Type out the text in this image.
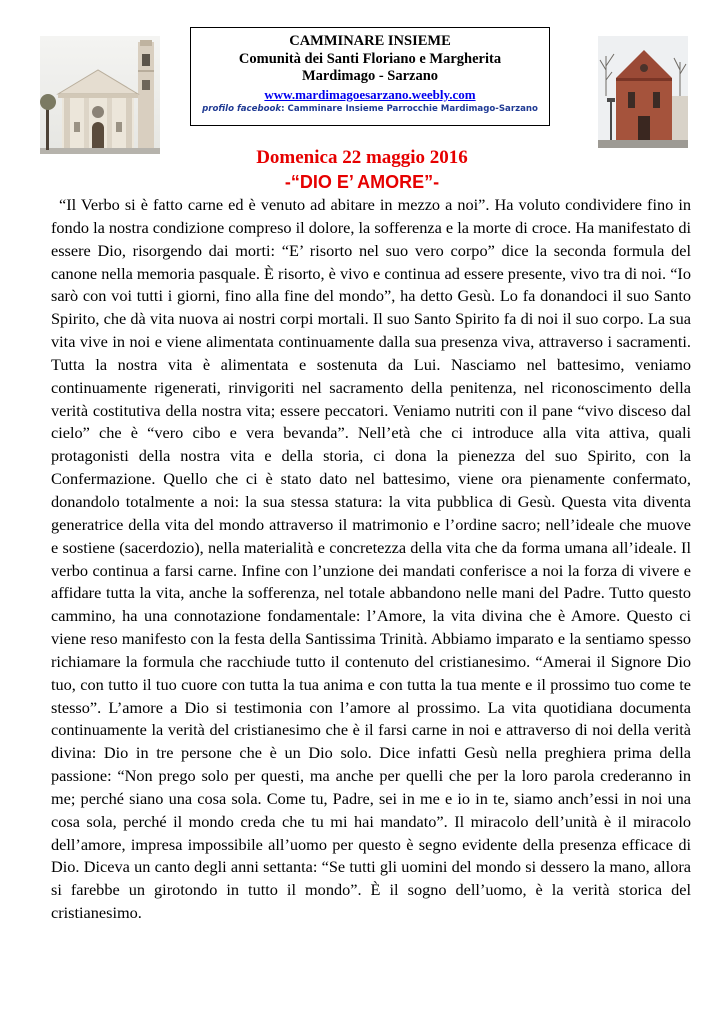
CAMMINARE INSIEME
Comunità dei Santi Floriano e Margherita
Mardimago - Sarzano
www.mardimagoesarzano.weebly.com
profilo facebook: Camminare Insieme Parrocchie Mardimago-Sarzano
Domenica 22 maggio 2016
-“DIO E’ AMORE”-

“Il Verbo si è fatto carne ed è venuto ad abitare in mezzo a noi”. Ha voluto condividere fino in fondo la nostra condizione compreso il dolore, la sofferenza e la morte di croce. Ha manifestato di essere Dio, risorgendo dai morti: “E’ risorto nel suo vero corpo” dice la seconda formula del canone nella memoria pasquale. È risorto, è vivo e continua ad essere presente, vivo tra di noi. “Io sarò con voi tutti i giorni, fino alla fine del mondo”, ha detto Gesù. Lo fa donandoci il suo Santo Spirito, che dà vita nuova ai nostri corpi mortali. Il suo Santo Spirito fa di noi il suo corpo. La sua vita vive in noi e viene alimentata continuamente dalla sua presenza viva, attraverso i sacramenti. Tutta la nostra vita è alimentata e sostenuta da Lui. Nasciamo nel battesimo, veniamo continuamente rigenerati, rinvigoriti nel sacramento della penitenza, nel riconoscimento della verità costitutiva della nostra vita; essere peccatori. Veniamo nutriti con il pane “vivo disceso dal cielo” che è “vero cibo e vera bevanda”. Nell’età che ci introduce alla vita attiva, quali protagonisti della nostra vita e della storia, ci dona la pienezza del suo Spirito, con la Confermazione. Quello che ci è stato dato nel battesimo, viene ora pienamente confermato, donandolo totalmente a noi: la sua stessa statura: la vita pubblica di Gesù. Questa vita diventa generatrice della vita del mondo attraverso il matrimonio e l’ordine sacro; nell’ideale che muove e sostiene (sacerdozio), nella materialità e concretezza della vita che da forma umana all’ideale. Il verbo continua a farsi carne. Infine con l’unzione dei mandati conferisce a noi la forza di vivere e affidare tutta la vita, anche la sofferenza, nel totale abbandono nelle mani del Padre. Tutto questo cammino, ha una connotazione fondamentale: l’Amore, la vita divina che è Amore. Questo ci viene reso manifesto con la festa della Santissima Trinità. Abbiamo imparato e la sentiamo spesso richiamare la formula che racchiude tutto il contenuto del cristianesimo. “Amerai il Signore Dio tuo, con tutto il tuo cuore con tutta la tua anima e con tutta la tua mente e il prossimo tuo come te stesso”. L’amore a Dio si testimonia con l’amore al prossimo. La vita quotidiana documenta continuamente la verità del cristianesimo che è il farsi carne in noi e attraverso di noi della verità divina: Dio in tre persone che è un Dio solo. Dice infatti Gesù nella preghiera prima della passione: “Non prego solo per questi, ma anche per quelli che per la loro parola crederanno in me; perché siano una cosa sola. Come tu, Padre, sei in me e io in te, siamo anch’essi in noi una cosa sola, perché il mondo creda che tu mi hai mandato”. Il miracolo dell’unità è il miracolo dell’amore, impresa impossibile all’uomo per questo è segno evidente della presenza efficace di Dio. Diceva un canto degli anni settanta: “Se tutti gli uomini del mondo si dessero la mano, allora si farebbe un girotondo in tutto il mondo”. È il sogno dell’uomo, è la verità storica del cristianesimo.
